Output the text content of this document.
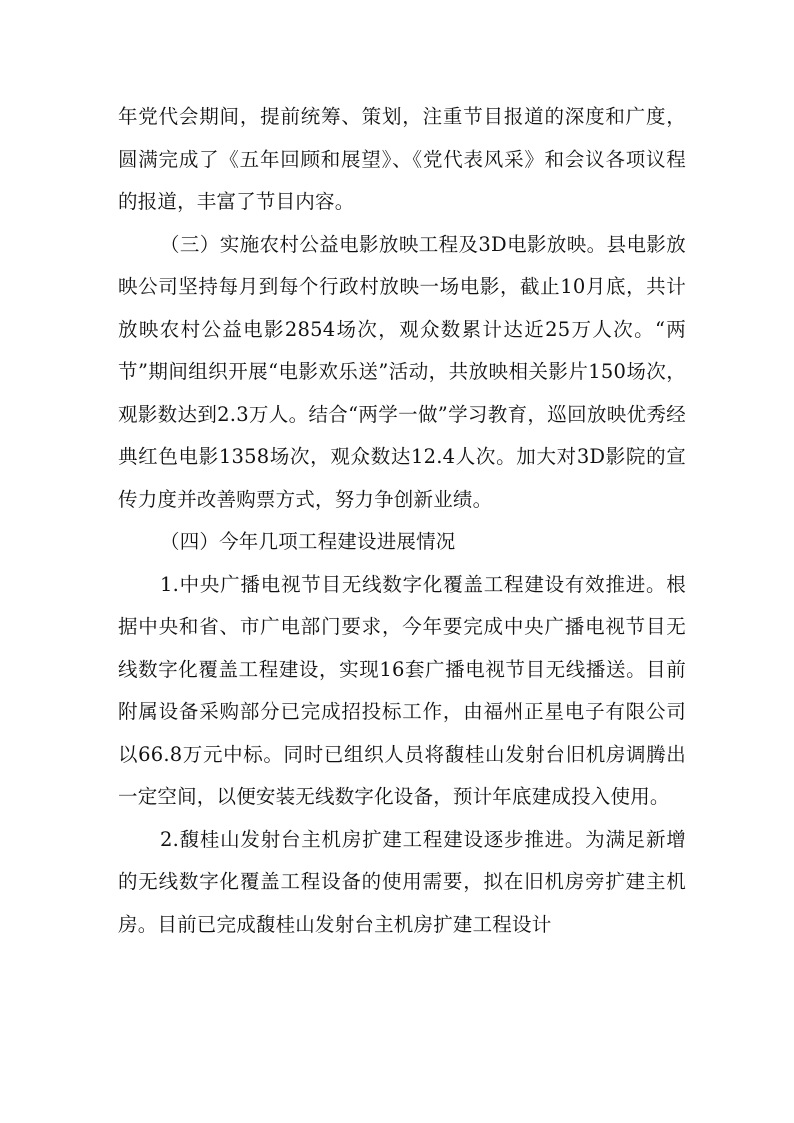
年党代会期间，提前统筹、策划，注重节目报道的深度和广度，圆满完成了《五年回顾和展望》、《党代表风采》和会议各项议程的报道，丰富了节目内容。

（三）实施农村公益电影放映工程及3D电影放映。县电影放映公司坚持每月到每个行政村放映一场电影，截止10月底，共计放映农村公益电影2854场次，观众数累计达近25万人次。“两节”期间组织开展“电影欢乐送”活动，共放映相关影片150场次，观影数达到2.3万人。结合“两学一做”学习教育，巡回放映优秀经典红色电影1358场次，观众数达12.4人次。加大对3D影院的宣传力度并改善购票方式，努力争创新业绩。

（四）今年几项工程建设进展情况

1.中央广播电视节目无线数字化覆盖工程建设有效推进。根据中央和省、市广电部门要求，今年要完成中央广播电视节目无线数字化覆盖工程建设，实现16套广播电视节目无线播送。目前附属设备采购部分已完成招投标工作，由福州正星电子有限公司以66.8万元中标。同时已组织人员将馥桂山发射台旧机房调腾出一定空间，以便安装无线数字化设备，预计年底建成投入使用。

2.馥桂山发射台主机房扩建工程建设逐步推进。为满足新增的无线数字化覆盖工程设备的使用需要，拟在旧机房旁扩建主机房。目前已完成馥桂山发射台主机房扩建工程设计
